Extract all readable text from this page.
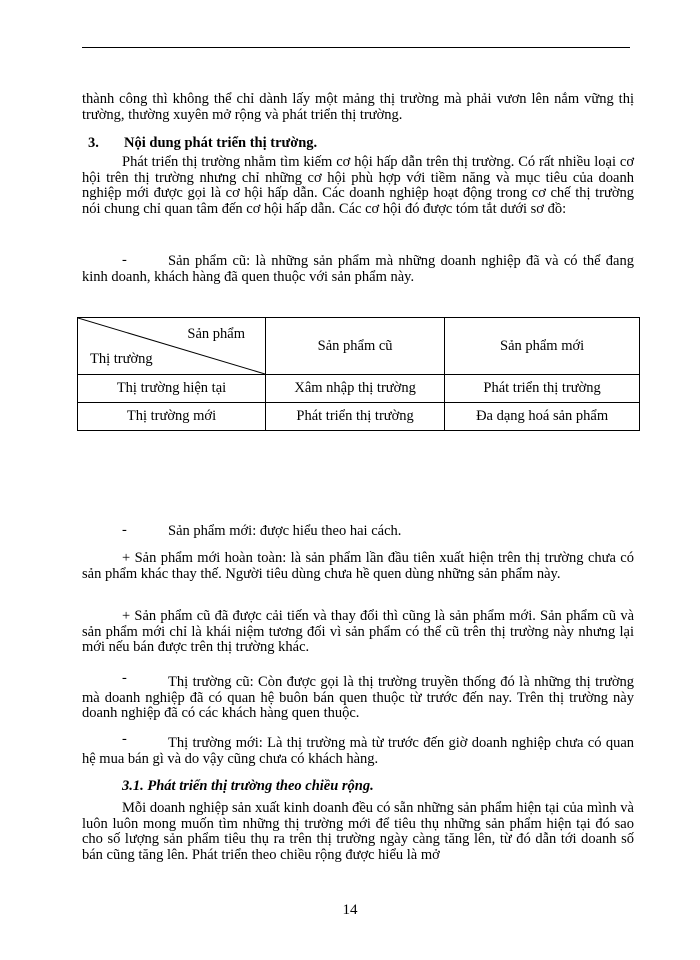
thành công thì không thể chỉ dành lấy một mảng thị trường mà phải vươn lên nắm vững thị trường, thường xuyên mở rộng và phát triển thị trường.

3. Nội dung phát triển thị trường.

Phát triển thị trường nhằm tìm kiếm cơ hội hấp dẫn trên thị trường. Có rất nhiều loại cơ hội trên thị trường nhưng chỉ những cơ hội phù hợp với tiềm năng và mục tiêu của doanh nghiệp mới được gọi là cơ hội hấp dẫn. Các doanh nghiệp hoạt động trong cơ chế thị trường nói chung chỉ quan tâm đến cơ hội hấp dẫn. Các cơ hội đó được tóm tắt dưới sơ đồ:

-	Sản phẩm cũ: là những sản phẩm mà những doanh nghiệp đã và có thể đang kinh doanh, khách hàng đã quen thuộc với sản phẩm này.

Sản phẩm
Thị trường	Sản phẩm cũ	Sản phẩm mới
Thị trường hiện tại	Xâm nhập thị trường	Phát triển thị trường
Thị trường mới	Phát triển thị trường	Đa dạng hoá sản phẩm
-	Sản phẩm mới: được hiểu theo hai cách.

+ Sản phẩm mới hoàn toàn: là sản phẩm lần đầu tiên xuất hiện trên thị trường chưa có sản phẩm khác thay thế. Người tiêu dùng chưa hề quen dùng những sản phẩm này.

+ Sản phẩm cũ đã được cải tiến và thay đổi thì cũng là sản phẩm mới. Sản phẩm cũ và sản phẩm mới chỉ là khái niệm tương đối vì sản phẩm có thể cũ trên thị trường này nhưng lại mới nếu bán được trên thị trường khác.

-	Thị trường cũ: Còn được gọi là thị trường truyền thống đó là những thị trường mà doanh nghiệp đã có quan hệ buôn bán quen thuộc từ trước đến nay. Trên thị trường này doanh nghiệp đã có các khách hàng quen thuộc.

-	Thị trường mới: Là thị trường mà từ trước đến giờ doanh nghiệp chưa có quan hệ mua bán gì và do vậy cũng chưa có khách hàng.

3.1. Phát triển thị trường theo chiều rộng.

Mỗi doanh nghiệp sản xuất kinh doanh đều có sẵn những sản phẩm hiện tại của mình và luôn luôn mong muốn tìm những thị trường mới để tiêu thụ những sản phẩm hiện tại đó sao cho số lượng sản phẩm tiêu thụ ra trên thị trường ngày càng tăng lên, từ đó dẫn tới doanh số bán cũng tăng lên. Phát triển theo chiều rộng được hiểu là mở

14
